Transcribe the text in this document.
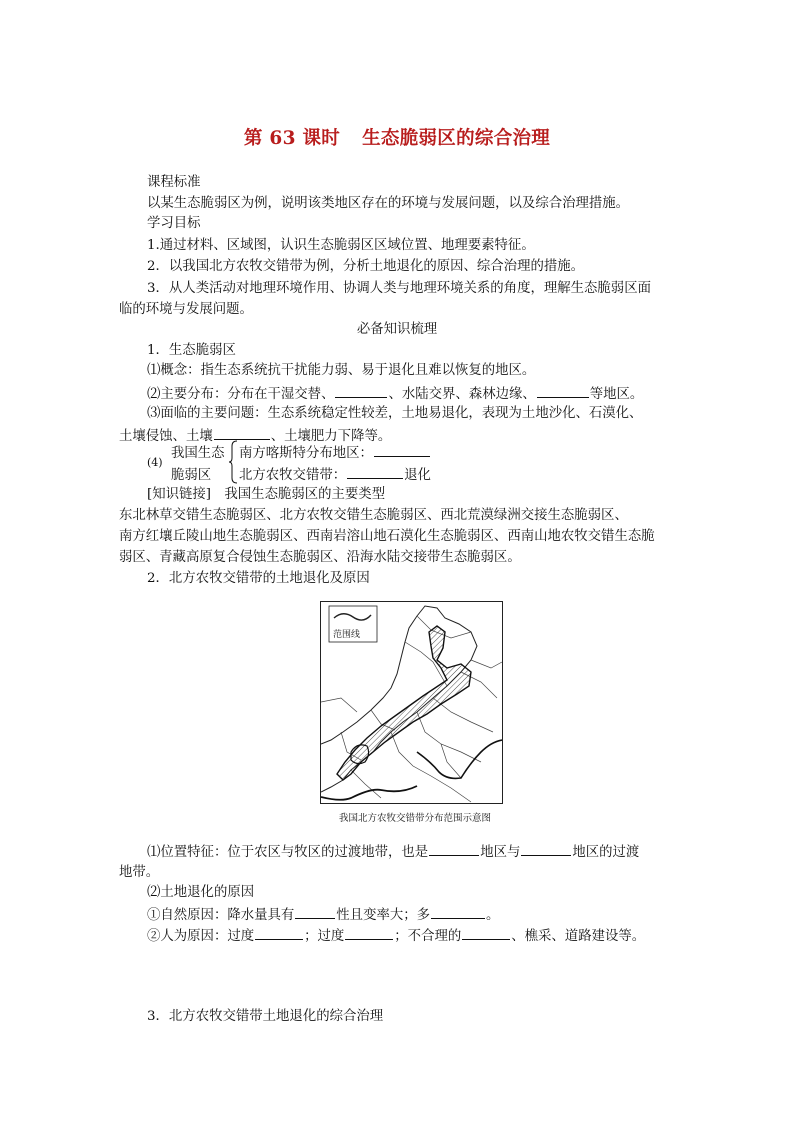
第 63 课时 生态脆弱区的综合治理
课程标准
以某生态脆弱区为例，说明该类地区存在的环境与发展问题，以及综合治理措施。
学习目标
1.通过材料、区域图，认识生态脆弱区区域位置、地理要素特征。
2．以我国北方农牧交错带为例，分析土地退化的原因、综合治理的措施。
3．从人类活动对地理环境作用、协调人类与地理环境关系的角度，理解生态脆弱区面
临的环境与发展问题。
必备知识梳理
1．生态脆弱区
⑴概念：指生态系统抗干扰能力弱、易于退化且难以恢复的地区。
⑵主要分布：分布在干湿交替、	、水陆交界、森林边缘、	等地区。
⑶面临的主要问题：生态系统稳定性较差，土地易退化，表现为土地沙化、石漠化、
土壤侵蚀、土壤	、土壤肥力下降等。
(4)
我国生态
脆弱区
南方喀斯特分布地区：
北方农牧交错带：	退化
[知识链接]　我国生态脆弱区的主要类型
东北林草交错生态脆弱区、北方农牧交错生态脆弱区、西北荒漠绿洲交接生态脆弱区、
南方红壤丘陵山地生态脆弱区、西南岩溶山地石漠化生态脆弱区、西南山地农牧交错生态脆
弱区、青藏高原复合侵蚀生态脆弱区、沿海水陆交接带生态脆弱区。
2．北方农牧交错带的土地退化及原因
范围线
我国北方农牧交错带分布范围示意图
⑴位置特征：位于农区与牧区的过渡地带，也是	地区与	地区的过渡
地带。
⑵土地退化的原因
①自然原因：降水量具有	性且变率大；多	。
②人为原因：过度	；过度	；不合理的	、樵采、道路建设等。
3．北方农牧交错带土地退化的综合治理
